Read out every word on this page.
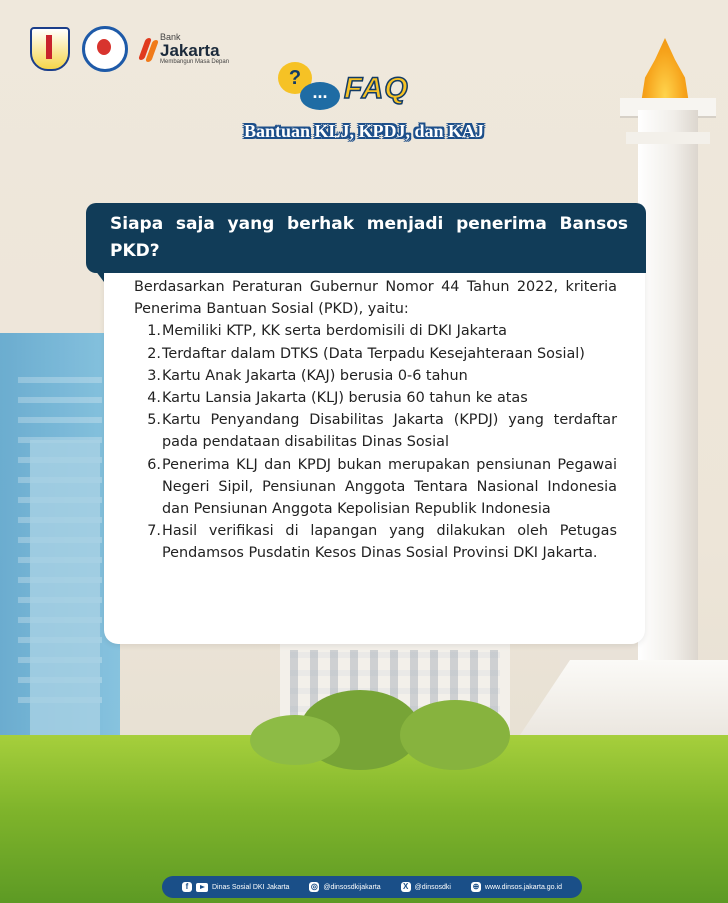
Bank
Jakarta
Membangun Masa Depan
?
... FAQ
Bantuan KLJ, KPDJ, dan KAJ
Siapa saja yang berhak menjadi penerima Bansos PKD?

Berdasarkan Peraturan Gubernur Nomor 44 Tahun 2022, kriteria Penerima Bantuan Sosial (PKD), yaitu:

1. Memiliki KTP, KK serta berdomisili di DKI Jakarta
2. Terdaftar dalam DTKS (Data Terpadu Kesejahteraan Sosial)
3. Kartu Anak Jakarta (KAJ) berusia 0-6 tahun
4. Kartu Lansia Jakarta (KLJ) berusia 60 tahun ke atas
5. Kartu Penyandang Disabilitas Jakarta (KPDJ) yang terdaftar pada pendataan disabilitas Dinas Sosial
6. Penerima KLJ dan KPDJ bukan merupakan pensiunan Pegawai Negeri Sipil, Pensiunan Anggota Tentara Nasional Indonesia dan Pensiunan Anggota Kepolisian Republik Indonesia
7. Hasil verifikasi di lapangan yang dilakukan oleh Petugas Pendamsos Pusdatin Kesos Dinas Sosial Provinsi DKI Jakarta.
f	Dinas Sosial DKI Jakarta	◎ @dinsosdkijakarta	X @dinsosdki	⊕ www.dinsos.jakarta.go.id
